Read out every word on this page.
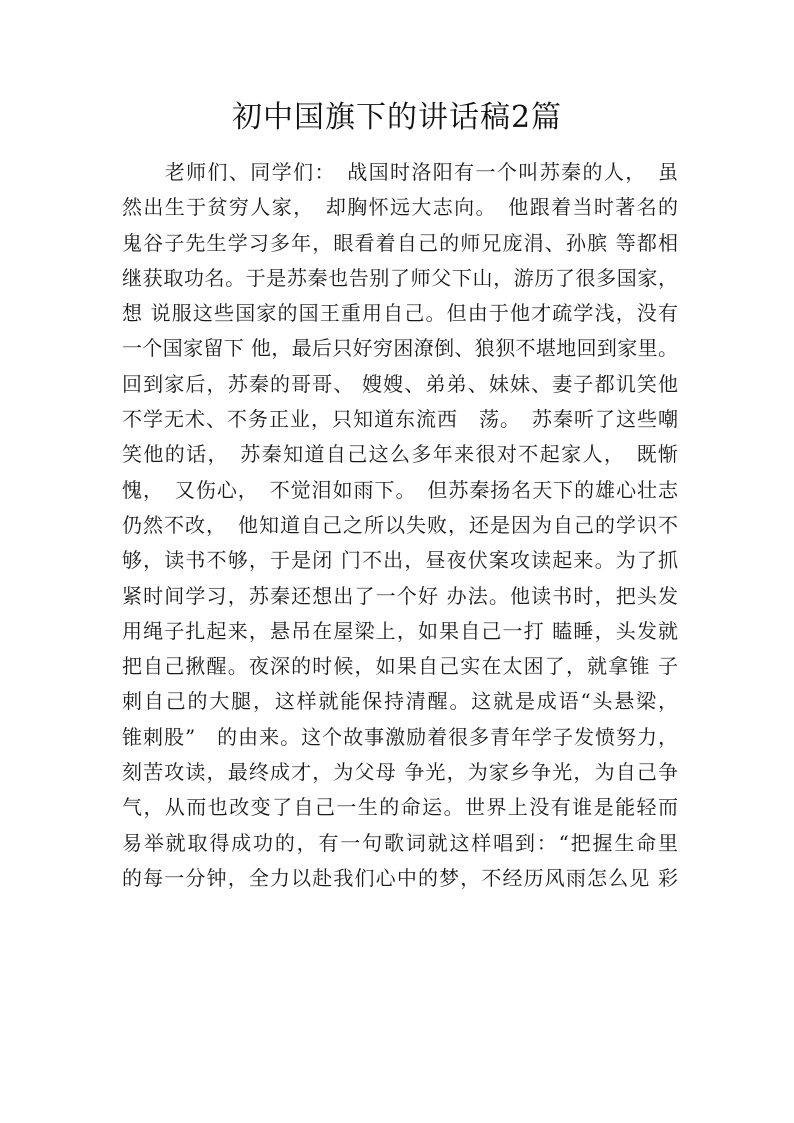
初中国旗下的讲话稿2篇
　　老师们、同学们：　战国时洛阳有一个叫苏秦的人，　虽
然出生于贫穷人家，　却胸怀远大志向。　他跟着当时著名的
鬼谷子先生学习多年，眼看着自己的师兄庞涓、孙膑 等都相
继获取功名。于是苏秦也告别了师父下山，游历了很多国家，
想 说服这些国家的国王重用自己。但由于他才疏学浅，没有
一个国家留下 他，最后只好穷困潦倒、狼狈不堪地回到家里。
回到家后，苏秦的哥哥、 嫂嫂、弟弟、妹妹、妻子都讥笑他
不学无术、不务正业，只知道东流西　荡。　苏秦听了这些嘲
笑他的话，　苏秦知道自己这么多年来很对不起家人，　既惭
愧，　又伤心，　不觉泪如雨下。　但苏秦扬名天下的雄心壮志
仍然不改，　他知道自己之所以失败，还是因为自己的学识不
够，读书不够，于是闭 门不出，昼夜伏案攻读起来。为了抓
紧时间学习，苏秦还想出了一个好 办法。他读书时，把头发
用绳子扎起来，悬吊在屋梁上，如果自己一打 瞌睡，头发就
把自己揪醒。夜深的时候，如果自己实在太困了，就拿锥 子
刺自己的大腿，这样就能保持清醒。这就是成语“头悬梁，
锥刺股”　的由来。这个故事激励着很多青年学子发愤努力，
刻苦攻读，最终成才，为父母 争光，为家乡争光，为自己争
气，从而也改变了自己一生的命运。世界上没有谁是能轻而
易举就取得成功的，有一句歌词就这样唱到：“把握生命里
的每一分钟，全力以赴我们心中的梦，不经历风雨怎么见 彩
